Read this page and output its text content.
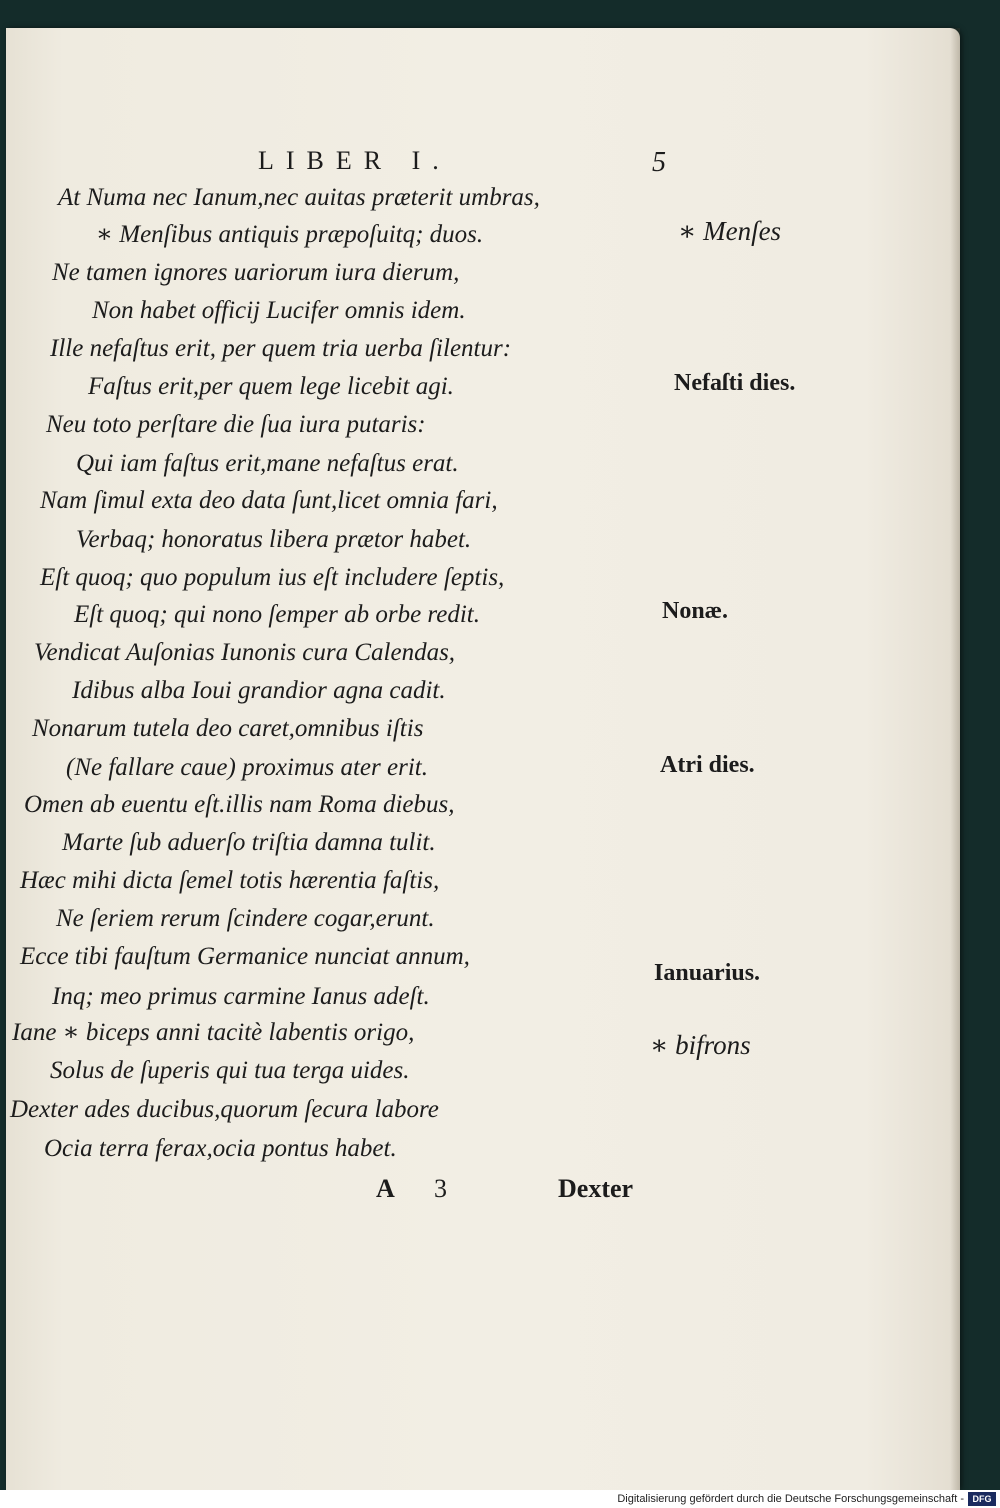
LIBER I.	5
At Numa nec Ianum,nec auitas præterit umbras,
∗ Menſibus antiquis præpoſuitq; duos.
Ne tamen ignores uariorum iura dierum,
Non habet officij Lucifer omnis idem.
Ille nefaſtus erit, per quem tria uerba ſilentur:
Faſtus erit,per quem lege licebit agi.
Neu toto perſtare die ſua iura putaris:
Qui iam faſtus erit,mane nefaſtus erat.
Nam ſimul exta deo data ſunt,licet omnia fari,
Verbaq; honoratus libera prætor habet.
Eſt quoq; quo populum ius eſt includere ſeptis,
Eſt quoq; qui nono ſemper ab orbe redit.
Vendicat Auſonias Iunonis cura Calendas,
Idibus alba Ioui grandior agna cadit.
Nonarum tutela deo caret,omnibus iſtis
(Ne fallare caue) proximus ater erit.
Omen ab euentu eſt.illis nam Roma diebus,
Marte ſub aduerſo triſtia damna tulit.
Hæc mihi dicta ſemel totis hærentia faſtis,
Ne ſeriem rerum ſcindere cogar,erunt.
Ecce tibi fauſtum Germanice nunciat annum,
Inq; meo primus carmine Ianus adeſt.
Iane ∗ biceps anni tacitè labentis origo,
Solus de ſuperis qui tua terga uides.
Dexter ades ducibus,quorum ſecura labore
Ocia terra ferax,ocia pontus habet.
∗ Menſes
Nefaſti dies.
Nonæ.
Atri dies.
Ianuarius.
∗ bifrons
A 3	Dexter
Digitalisierung gefördert durch die Deutsche Forschungsgemeinschaft - DFG
